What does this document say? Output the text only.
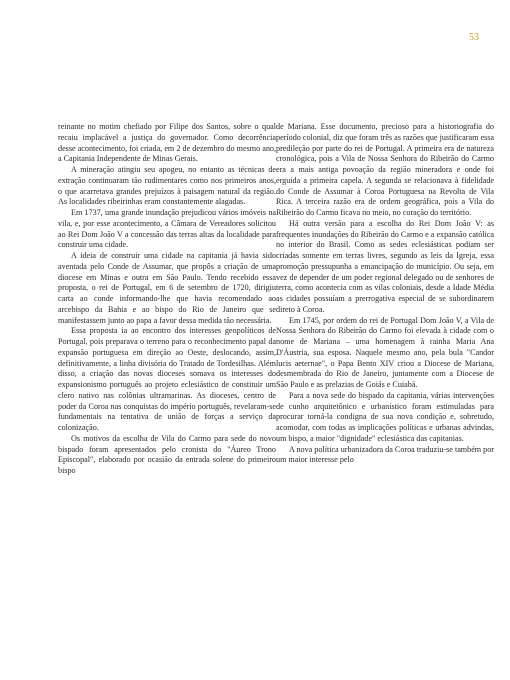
53

reinante no motim chefiado por Filipe dos Santos, sobre o qual recaiu implacável a justiça do governador. Como decorrência desse acontecimento, foi criada, em 2 de dezembro do mesmo ano, a Capitania Independente de Minas Gerais.

A mineração atingiu seu apogeu, no entanto as técnicas de extração continuaram tão rudimentares como nos primeiros anos, o que acarretava grandes prejuízos à paisagem natural da região. As localidades ribeirinhas eram constantemente alagadas.

Em 1737, uma grande inundação prejudicou vários imóveis na vila, e, por esse acontecimento, a Câmara de Vereadores solicitou ao Rei Dom João V a concessão das terras altas da localidade para construir uma cidade.

A ideia de construir uma cidade na capitania já havia sido aventada pelo Conde de Assumar, que propôs a criação de uma diocese em Minas e outra em São Paulo. Tendo recebido essa proposta, o rei de Portugal, em 6 de setembro de 1720, dirigiu carta ao conde informando-lhe que havia recomendado ao arcebispo da Bahia e ao bispo do Rio de Janeiro que se manifestassem junto ao papa a favor dessa medida tão necessária.

Essa proposta ia ao encontro dos interesses geopolíticos de Portugal, pois preparava o terreno para o reconhecimento papal da expansão portuguesa em direção ao Oeste, deslocando, assim, definitivamente, a linha divisória do Tratado de Tordesilhas. Além disso, a criação das novas dioceses somava os interesses do expansionismo português ao projeto eclesiástico de constituir um clero nativo nas colônias ultramarinas. As dioceses, centro de poder da Coroa nas conquistas do império português, revelaram-se fundamentais na tentativa de união de forças a serviço da colonização.

Os motivos da escolha de Vila do Carmo para sede do novo bispado foram apresentados pelo cronista do "Áureo Trono Episcopal", elaborado por ocasião da entrada solene do primeiro bispo

de Mariana. Esse documento, precioso para a historiografia do período colonial, diz que foram três as razões que justificaram essa predileção por parte do rei de Portugal. A primeira era de natureza cronológica, pois a Vila de Nossa Senhora do Ribeirão do Carmo era a mais antiga povoação da região mineradora e onde foi erguida a primeira capela. A segunda se relacionava à fidelidade do Conde de Assumar à Coroa Portuguesa na Revolta de Vila Rica. A terceira razão era de ordem geográfica, pois a Vila do Ribeirão do Carmo ficava no meio, no coração do território.

Há outra versão para a escolha do Rei Dom João V: as frequentes inundações do Ribeirão do Carmo e a expansão católica no interior do Brasil. Como as sedes eclesiásticas podiam ser criadas somente em terras livres, segundo as leis da Igreja, essa promoção pressupunha a emancipação do município. Ou seja, em vez de depender de um poder regional delegado ou de senhores de terra, como acontecia com as vilas coloniais, desde a Idade Média as cidades possuíam a prerrogativa especial de se subordinarem direto à Coroa.

Em 1745, por ordem do rei de Portugal Dom João V, a Vila de Nossa Senhora do Ribeirão do Carmo foi elevada à cidade com o nome de Mariana – uma homenagem à rainha Maria Ana D'Áustria, sua esposa. Naquele mesmo ano, pela bula "Candor lucis aeternae", o Papa Bento XIV criou a Diocese de Mariana, desmembrada do Rio de Janeiro, juntamente com a Diocese de São Paulo e as prelazias de Goiás e Cuiabá.

Para a nova sede do bispado da capitania, várias intervenções de cunho arquitetônico e urbanístico foram estimuladas para procurar torná-la condigna de sua nova condição e, sobretudo, acomodar, com todas as implicações políticas e urbanas advindas, um bispo, a maior "dignidade" eclesiástica das capitanias.

A nova política urbanizadora da Coroa traduziu-se também por um maior interesse pelo
